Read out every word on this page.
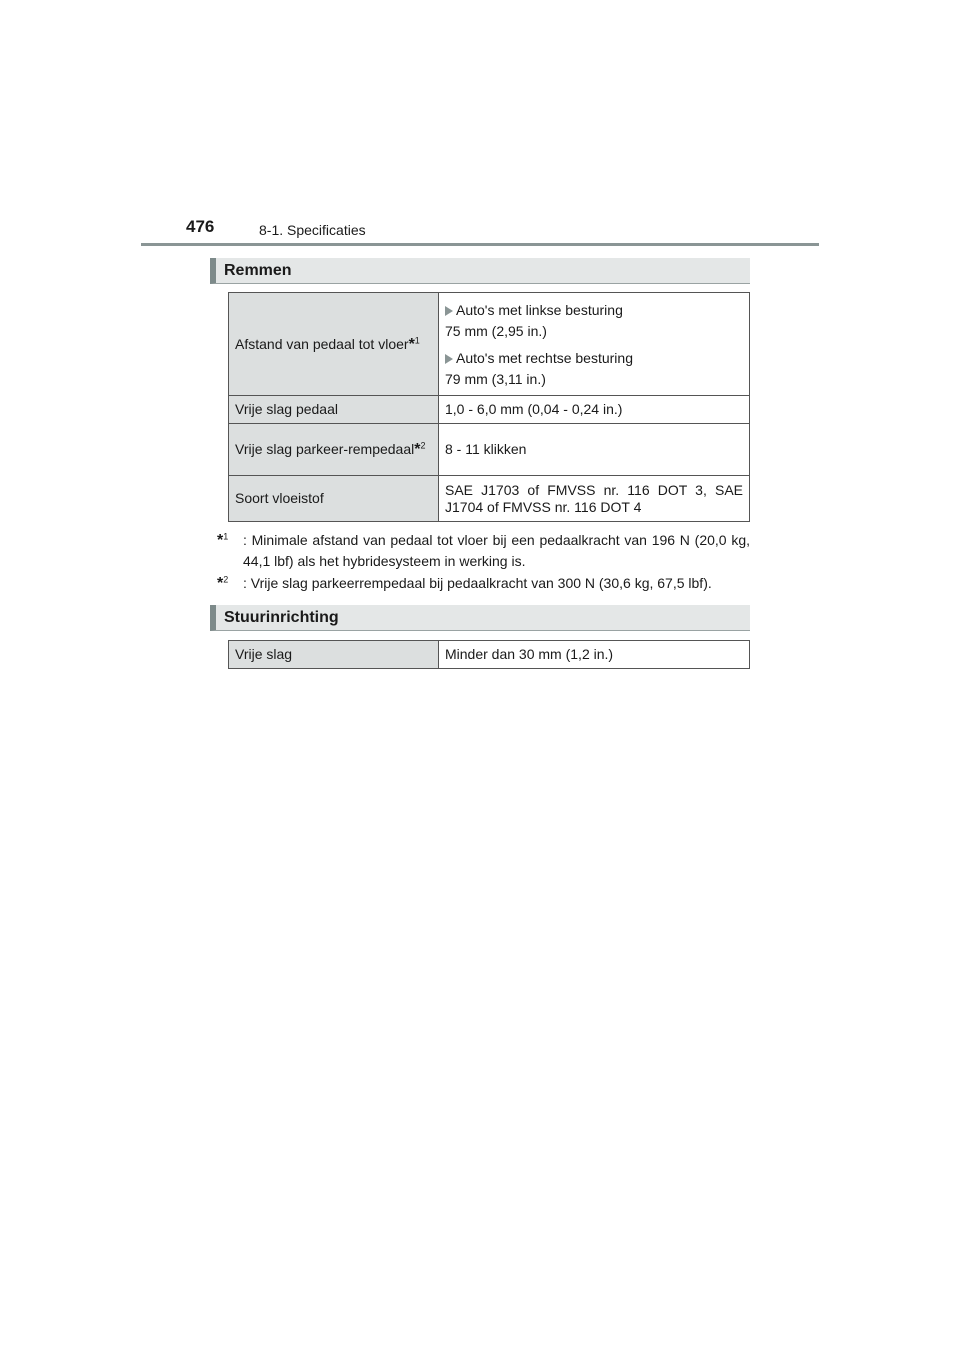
476	8-1. Specificaties
Remmen
Afstand van pedaal tot vloer*$^1$	Auto's met linkse besturing
75 mm (2,95 in.)
Auto's met rechtse besturing
79 mm (3,11 in.)

Vrije slag pedaal	1,0 - 6,0 mm (0,04 - 0,24 in.)
Vrije slag parkeer-rempedaal*$^2$	8 - 11 klikken
Soort vloeistof	SAE J1703 of FMVSS nr. 116 DOT 3, SAE J1704 of FMVSS nr. 116 DOT 4
*$^1$	: Minimale afstand van pedaal tot vloer bij een pedaalkracht van 196 N (20,0 kg, 44,1 lbf) als het hybridesysteem in werking is.
*$^2$	: Vrije slag parkeerrempedaal bij pedaalkracht van 300 N (30,6 kg, 67,5 lbf).
Stuurinrichting
Vrije slag	Minder dan 30 mm (1,2 in.)
